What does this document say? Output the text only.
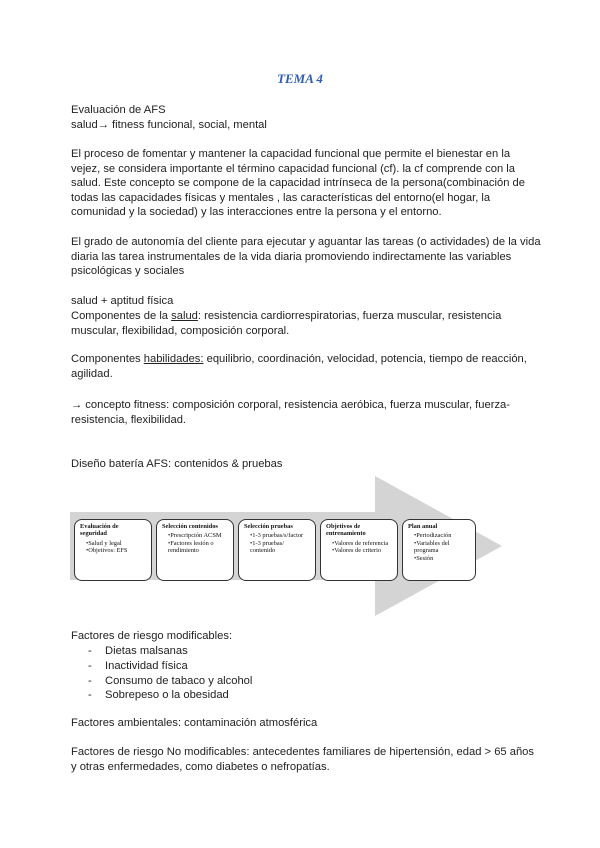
TEMA 4

Evaluación de AFS

salud→ fitness funcional, social, mental

El proceso de fomentar y mantener la capacidad funcional que permite el bienestar en la vejez, se considera importante el término capacidad funcional (cf). la cf comprende con la salud. Este concepto se compone de la capacidad intrínseca de la persona(combinación de todas las capacidades físicas y mentales , las características del entorno(el hogar, la comunidad y la sociedad) y las interacciones entre la persona y el entorno.

El grado de autonomía del cliente para ejecutar y aguantar las tareas (o actividades) de la vida diaria las tarea instrumentales de la vida diaria promoviendo indirectamente las variables psicológicas y sociales

salud + aptitud física

Componentes de la salud: resistencia cardiorrespiratorias, fuerza muscular, resistencia muscular, flexibilidad, composición corporal.

Componentes habilidades: equilibrio, coordinación, velocidad, potencia, tiempo de reacción, agilidad.

→ concepto fitness: composición corporal, resistencia aeróbica, fuerza muscular, fuerza-resistencia, flexibilidad.

Diseño batería AFS: contenidos & pruebas

Evaluación de seguridad
• Salud y legal
• Objetivos: EFS
Selección contenidos
• Prescripción ACSM
• Factores lesión o rendimiento
Selección pruebas
• 1-3 pruebas/s/factor
• 1-3 pruebas/ contenido
Objetivos de entrenamiento
• Valores de referencia
• Valores de criterio
Plan anual
• Periodización
• Variables del programa
• Sesión

Factores de riesgo modificables:

- Dietas malsanas
- Inactividad física
- Consumo de tabaco y alcohol
- Sobrepeso o la obesidad

Factores ambientales: contaminación atmosférica

Factores de riesgo No modificables: antecedentes familiares de hipertensión, edad > 65 años y otras enfermedades, como diabetes o nefropatías.
